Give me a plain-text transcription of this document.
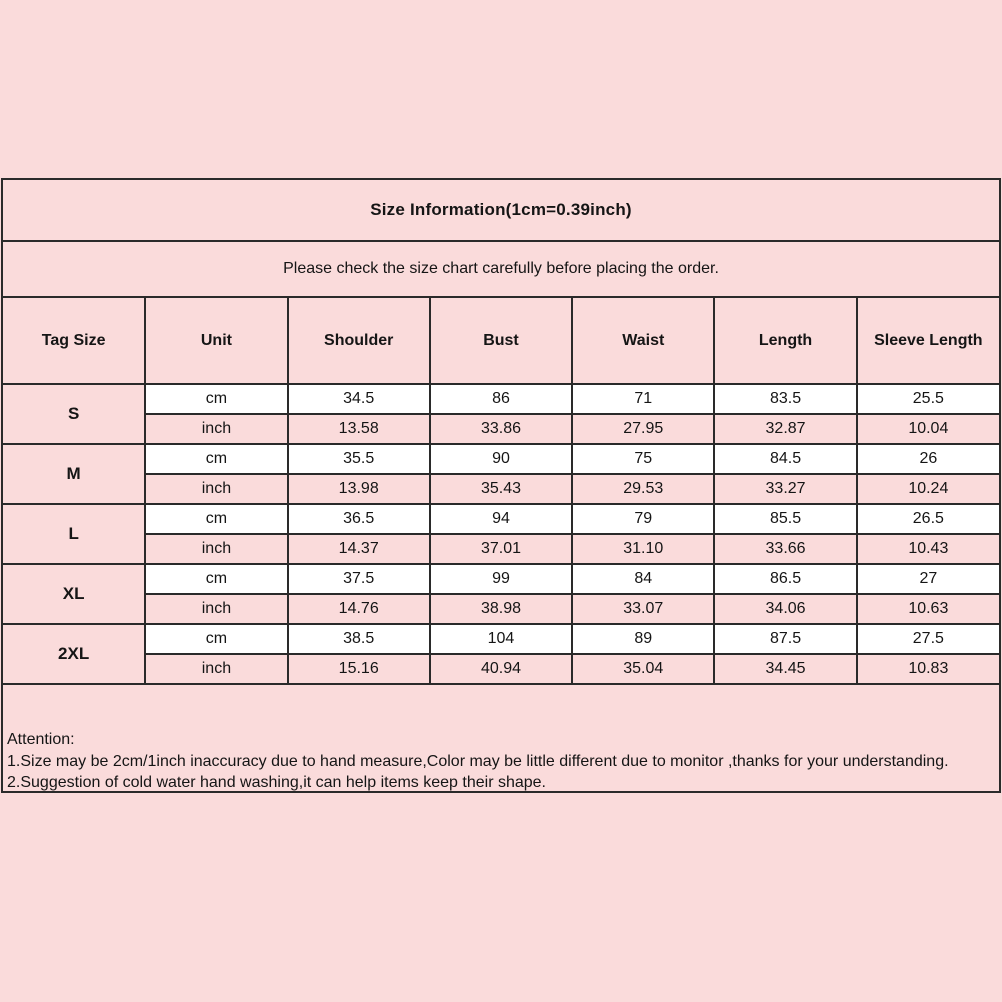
Size Information(1cm=0.39inch)
Please check the size chart carefully before placing the order.
Tag Size	Unit	Shoulder	Bust	Waist	Length	Sleeve Length
S	cm	34.5	86	71	83.5	25.5
	inch	13.58	33.86	27.95	32.87	10.04
M	cm	35.5	90	75	84.5	26
	inch	13.98	35.43	29.53	33.27	10.24
L	cm	36.5	94	79	85.5	26.5
	inch	14.37	37.01	31.10	33.66	10.43
XL	cm	37.5	99	84	86.5	27
	inch	14.76	38.98	33.07	34.06	10.63
2XL	cm	38.5	104	89	87.5	27.5
	inch	15.16	40.94	35.04	34.45	10.83
Attention:
1.Size may be 2cm/1inch inaccuracy due to hand measure,Color may be little different due to monitor ,thanks for your understanding.
2.Suggestion of cold water hand washing,it can help items keep their shape.
